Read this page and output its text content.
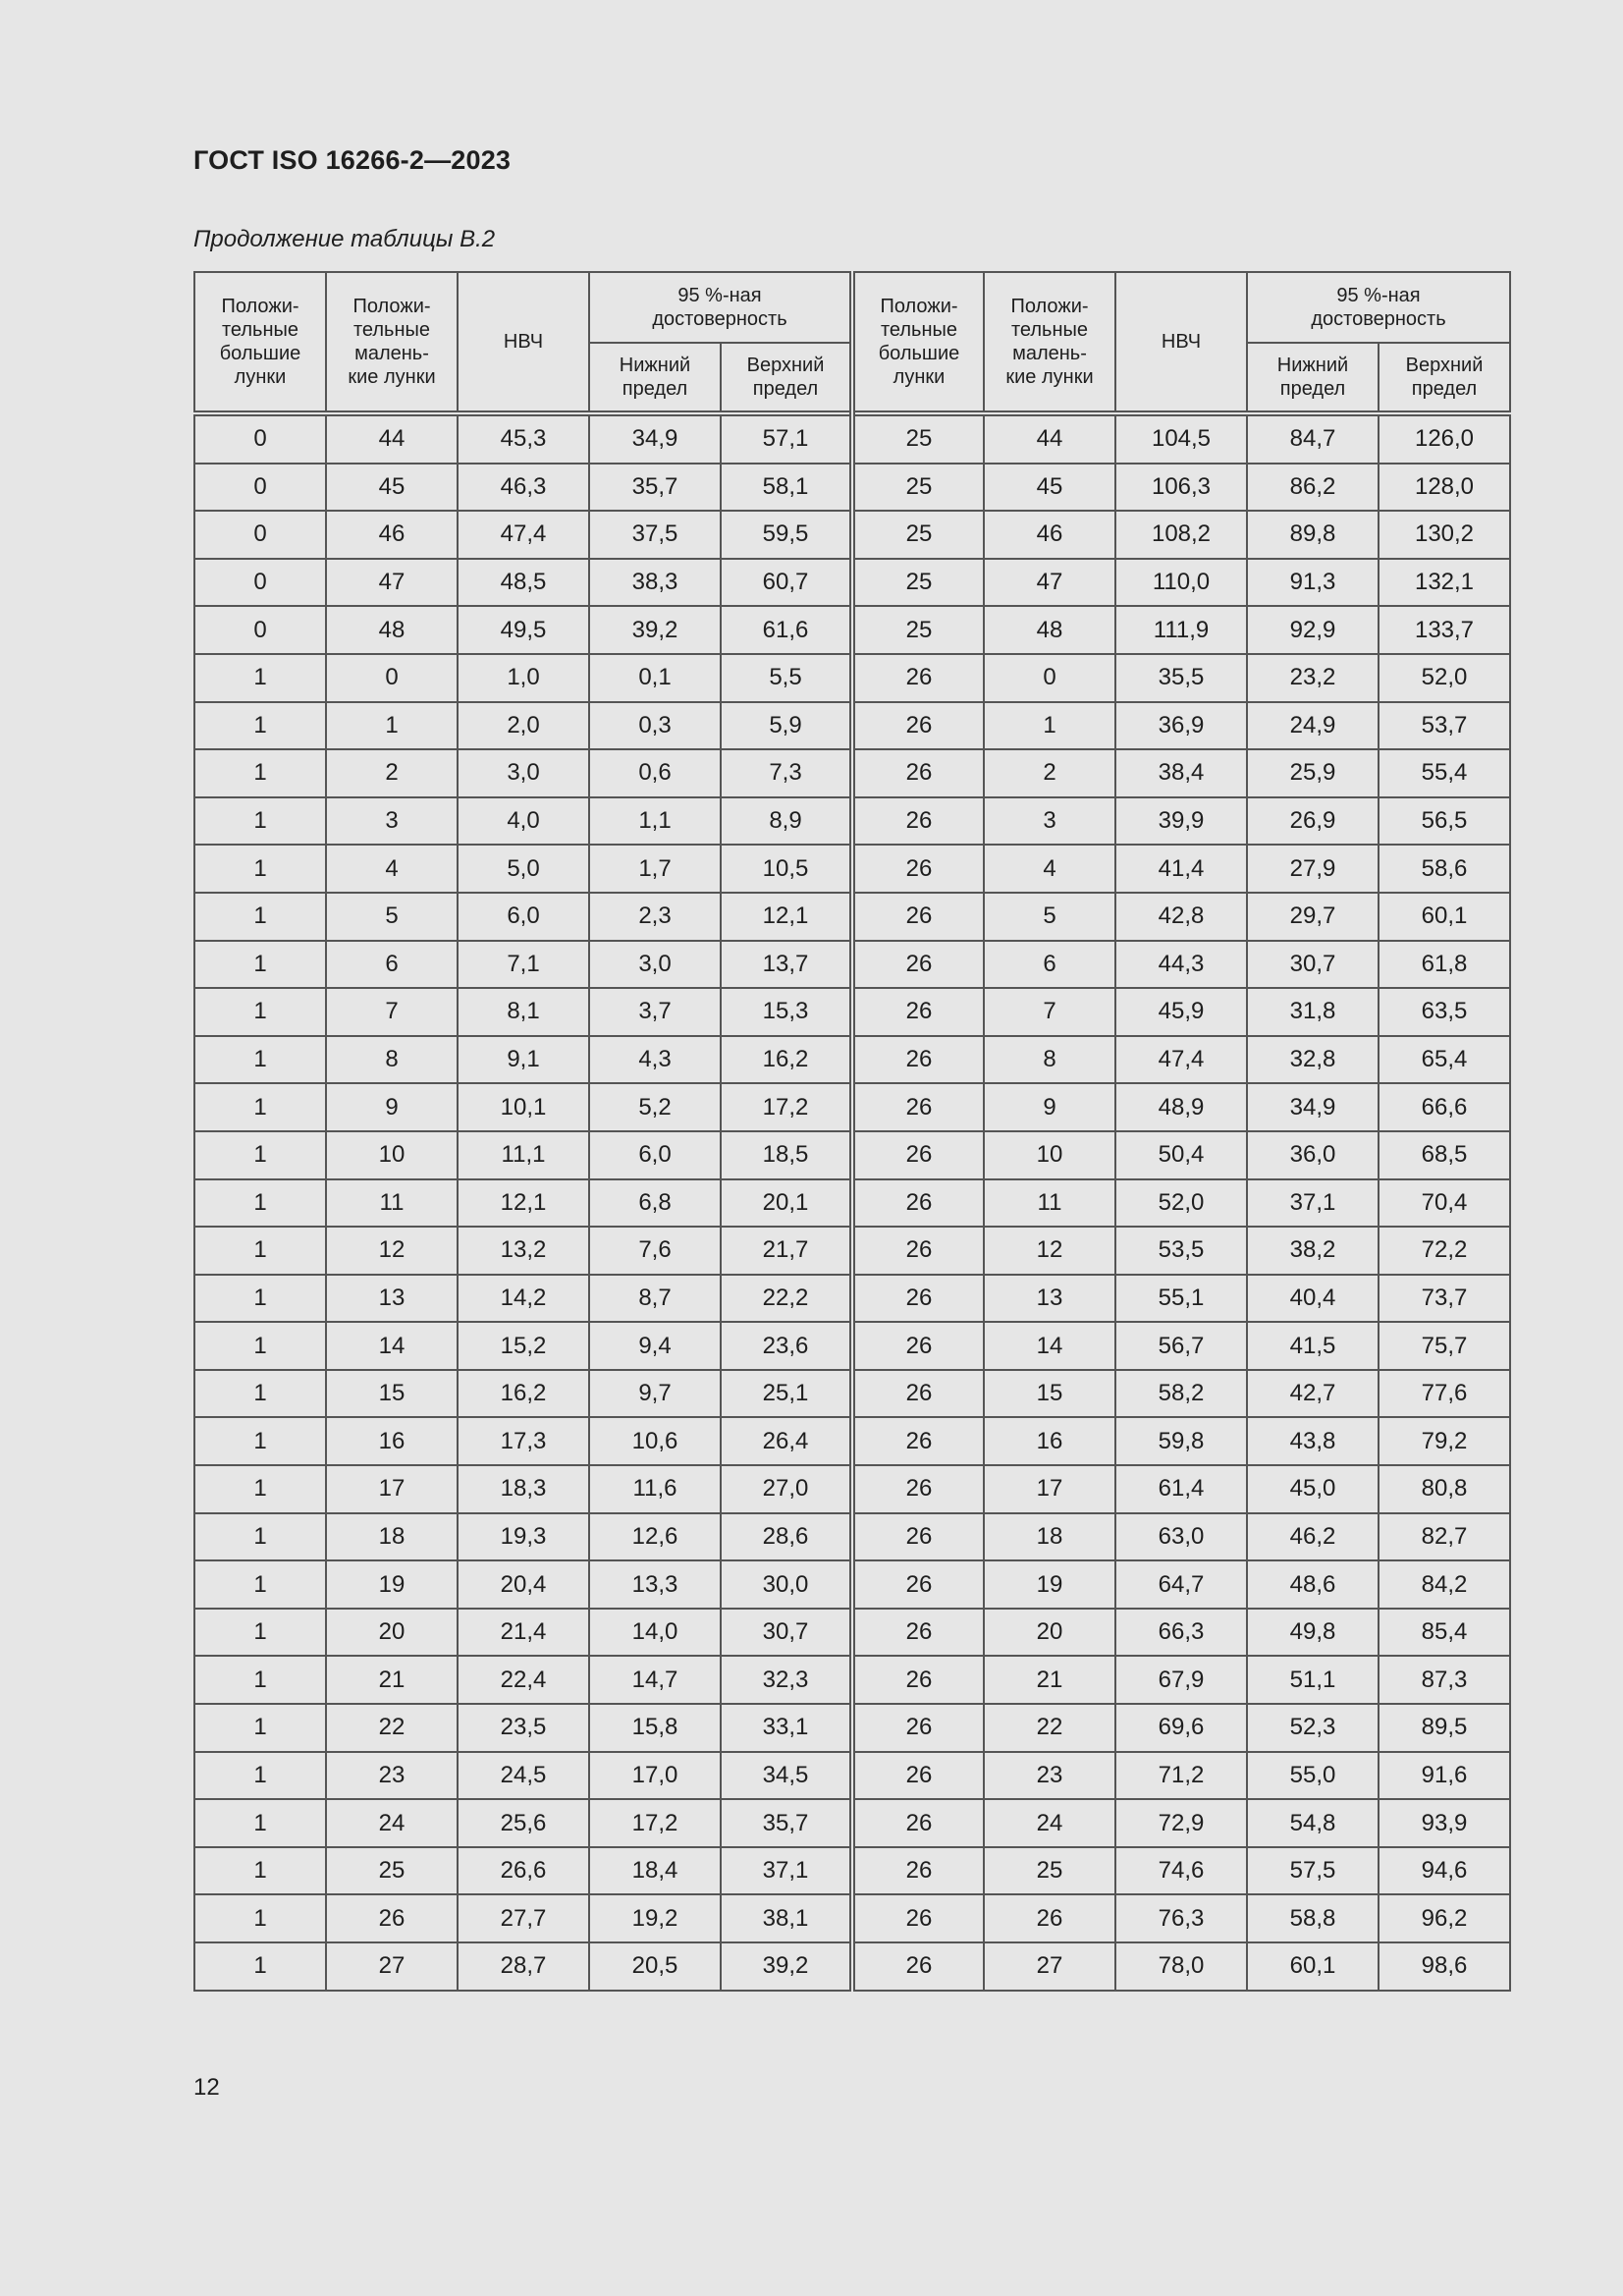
ГОСТ ISO 16266-2—2023
Продолжение таблицы В.2
Положи-
тельные
большие
лунки	Положи-
тельные
малень-
кие лунки	НВЧ	95 %-ная
достоверность		Положи-
тельные
большие
лунки	Положи-
тельные
малень-
кие лунки	НВЧ	95 %-ная
достоверность	
			Нижний
предел	Верхний
предел				Нижний
предел	Верхний
предел
0	44	45,3	34,9	57,1	25	44	104,5	84,7	126,0
0	45	46,3	35,7	58,1	25	45	106,3	86,2	128,0
0	46	47,4	37,5	59,5	25	46	108,2	89,8	130,2
0	47	48,5	38,3	60,7	25	47	110,0	91,3	132,1
0	48	49,5	39,2	61,6	25	48	111,9	92,9	133,7
1	0	1,0	0,1	5,5	26	0	35,5	23,2	52,0
1	1	2,0	0,3	5,9	26	1	36,9	24,9	53,7
1	2	3,0	0,6	7,3	26	2	38,4	25,9	55,4
1	3	4,0	1,1	8,9	26	3	39,9	26,9	56,5
1	4	5,0	1,7	10,5	26	4	41,4	27,9	58,6
1	5	6,0	2,3	12,1	26	5	42,8	29,7	60,1
1	6	7,1	3,0	13,7	26	6	44,3	30,7	61,8
1	7	8,1	3,7	15,3	26	7	45,9	31,8	63,5
1	8	9,1	4,3	16,2	26	8	47,4	32,8	65,4
1	9	10,1	5,2	17,2	26	9	48,9	34,9	66,6
1	10	11,1	6,0	18,5	26	10	50,4	36,0	68,5
1	11	12,1	6,8	20,1	26	11	52,0	37,1	70,4
1	12	13,2	7,6	21,7	26	12	53,5	38,2	72,2
1	13	14,2	8,7	22,2	26	13	55,1	40,4	73,7
1	14	15,2	9,4	23,6	26	14	56,7	41,5	75,7
1	15	16,2	9,7	25,1	26	15	58,2	42,7	77,6
1	16	17,3	10,6	26,4	26	16	59,8	43,8	79,2
1	17	18,3	11,6	27,0	26	17	61,4	45,0	80,8
1	18	19,3	12,6	28,6	26	18	63,0	46,2	82,7
1	19	20,4	13,3	30,0	26	19	64,7	48,6	84,2
1	20	21,4	14,0	30,7	26	20	66,3	49,8	85,4
1	21	22,4	14,7	32,3	26	21	67,9	51,1	87,3
1	22	23,5	15,8	33,1	26	22	69,6	52,3	89,5
1	23	24,5	17,0	34,5	26	23	71,2	55,0	91,6
1	24	25,6	17,2	35,7	26	24	72,9	54,8	93,9
1	25	26,6	18,4	37,1	26	25	74,6	57,5	94,6
1	26	27,7	19,2	38,1	26	26	76,3	58,8	96,2
1	27	28,7	20,5	39,2	26	27	78,0	60,1	98,6
12
